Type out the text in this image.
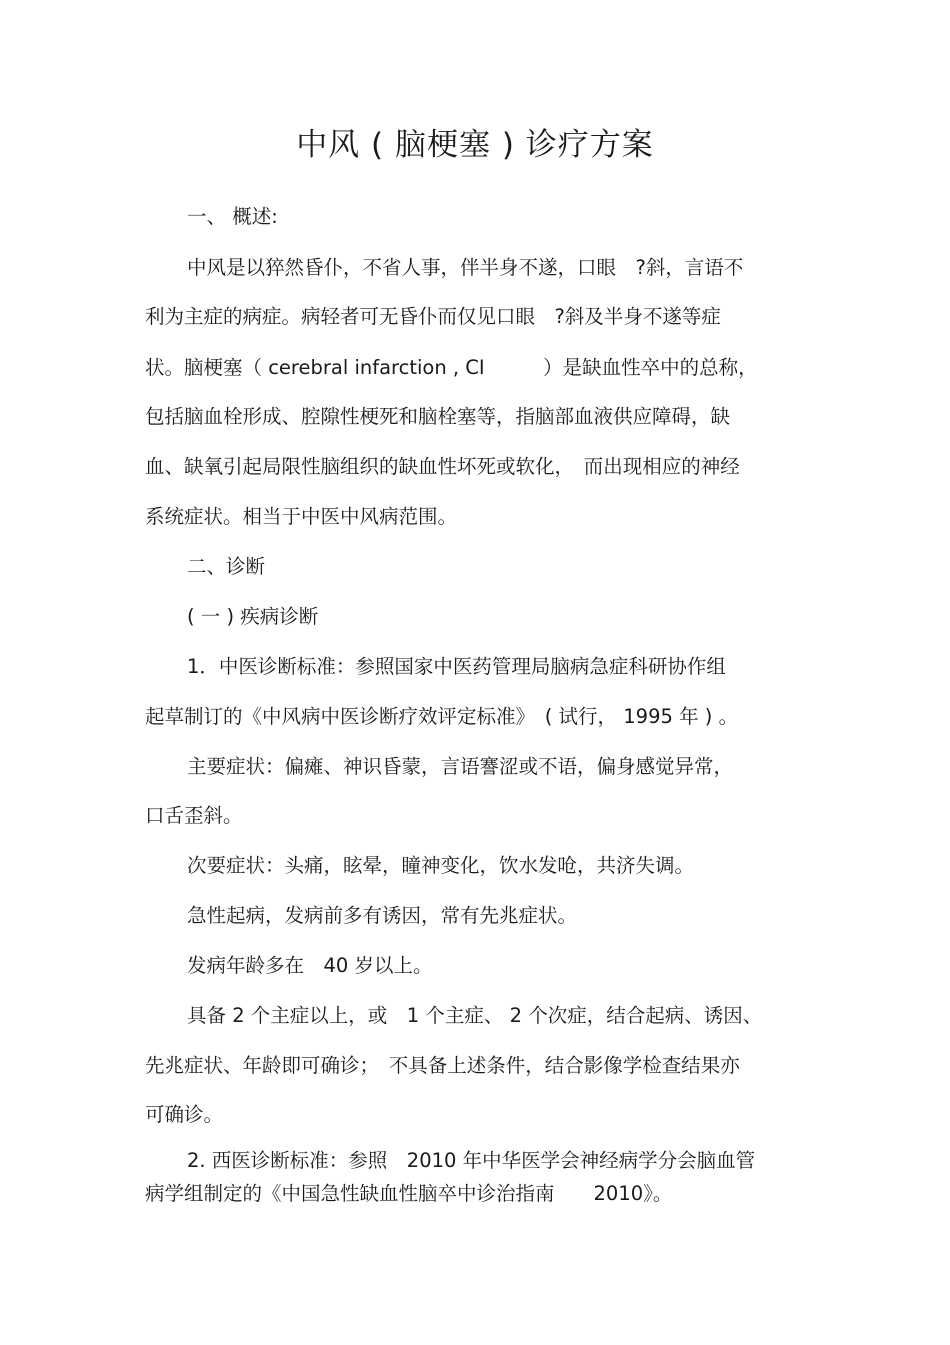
中风 ( 脑梗塞 ) 诊疗方案
一、 概述:
中风是以猝然昏仆，不省人事，伴半身不遂，口眼　?斜，言语不
利为主症的病症。病轻者可无昏仆而仅见口眼　?斜及半身不遂等症
状。脑梗塞（ cerebral infarction , CI　　　）是缺血性卒中的总称，
包括脑血栓形成、腔隙性梗死和脑栓塞等，指脑部血液供应障碍，缺
血、缺氧引起局限性脑组织的缺血性坏死或软化，　而出现相应的神经
系统症状。相当于中医中风病范围。
二、诊断
( 一 ) 疾病诊断
1．中医诊断标准：参照国家中医药管理局脑病急症科研协作组
起草制订的《中风病中医诊断疗效评定标准》　( 试行， 1995 年 ) 。
主要症状：偏瘫、神识昏蒙，言语謇涩或不语，偏身感觉异常，
口舌歪斜。
次要症状：头痛，眩晕，瞳神变化，饮水发呛，共济失调。
急性起病，发病前多有诱因，常有先兆症状。
发病年龄多在　40 岁以上。
具备 2 个主症以上，或　1 个主症、 2 个次症，结合起病、诱因、
先兆症状、年龄即可确诊；　不具备上述条件，结合影像学检查结果亦
可确诊。
2. 西医诊断标准：参照　2010 年中华医学会神经病学分会脑血管
病学组制定的《中国急性缺血性脑卒中诊治指南　　2010》。
